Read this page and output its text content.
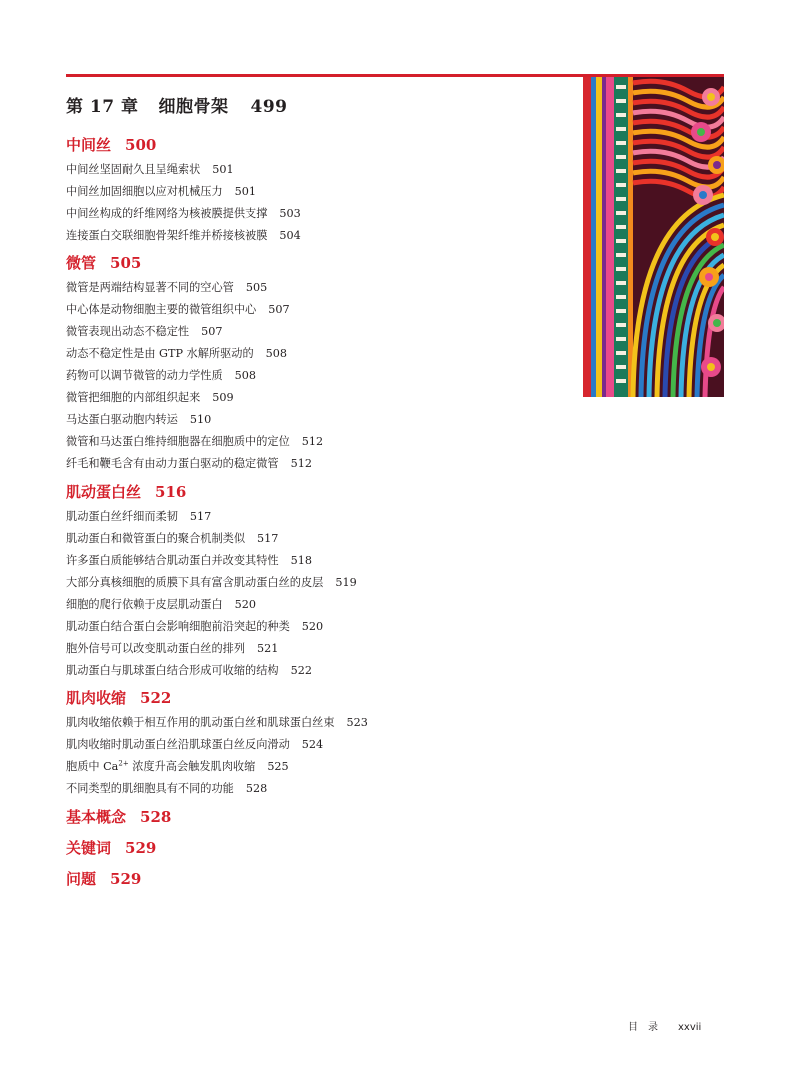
第 17 章 细胞骨架 499
中间丝 500
中间丝坚固耐久且呈绳索状 501
中间丝加固细胞以应对机械压力 501
中间丝构成的纤维网络为核被膜提供支撑 503
连接蛋白交联细胞骨架纤维并桥接核被膜 504
微管 505
微管是两端结构显著不同的空心管 505
中心体是动物细胞主要的微管组织中心 507
微管表现出动态不稳定性 507
动态不稳定性是由 GTP 水解所驱动的 508
药物可以调节微管的动力学性质 508
微管把细胞的内部组织起来 509
马达蛋白驱动胞内转运 510
微管和马达蛋白维持细胞器在细胞质中的定位 512
纤毛和鞭毛含有由动力蛋白驱动的稳定微管 512
肌动蛋白丝 516
肌动蛋白丝纤细而柔韧 517
肌动蛋白和微管蛋白的聚合机制类似 517
许多蛋白质能够结合肌动蛋白并改变其特性 518
大部分真核细胞的质膜下具有富含肌动蛋白丝的皮层 519
细胞的爬行依赖于皮层肌动蛋白 520
肌动蛋白结合蛋白会影响细胞前沿突起的种类 520
胞外信号可以改变肌动蛋白丝的排列 521
肌动蛋白与肌球蛋白结合形成可收缩的结构 522
肌肉收缩 522
肌肉收缩依赖于相互作用的肌动蛋白丝和肌球蛋白丝束 523
肌肉收缩时肌动蛋白丝沿肌球蛋白丝反向滑动 524
胞质中 $Ca^{2+}$ 浓度升高会触发肌肉收缩 525
不同类型的肌细胞具有不同的功能 528
基本概念 528
关键词 529
问题 529
目　录 xxvii
